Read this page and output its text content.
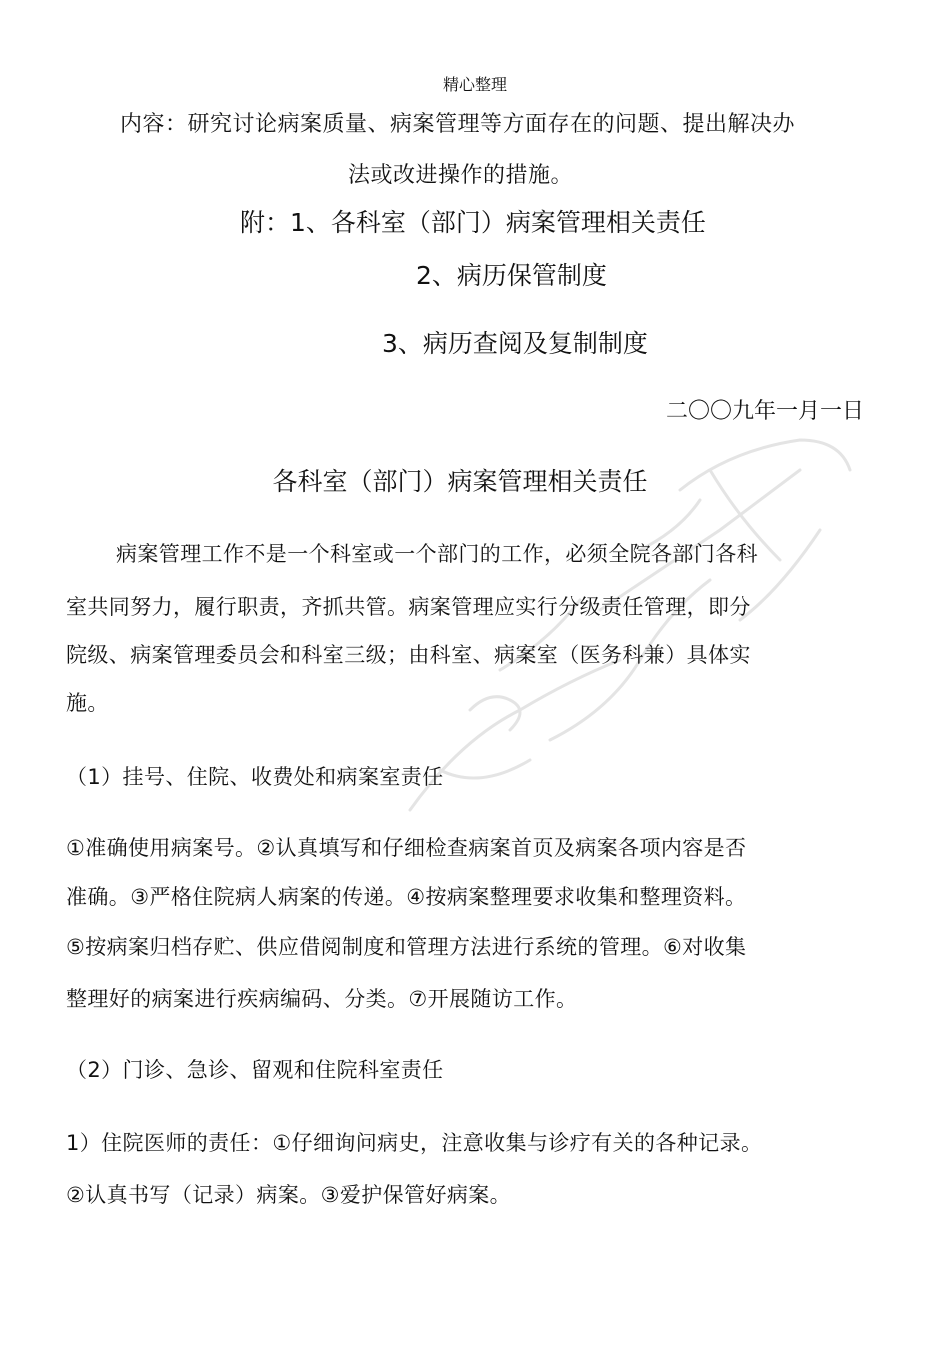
精心整理
内容：研究讨论病案质量、病案管理等方面存在的问题、提出解决办
法或改进操作的措施。
附： 1、各科室（部门）病案管理相关责任
2、病历保管制度
3、病历查阅及复制制度
二〇〇九年一月一日
各科室（部门）病案管理相关责任
病案管理工作不是一个科室或一个部门的工作，必须全院各部门各科
室共同努力，履行职责，齐抓共管。病案管理应实行分级责任管理，即分
院级、病案管理委员会和科室三级；由科室、病案室（医务科兼）具体实
施。
（1）挂号、住院、收费处和病案室责任
①准确使用病案号。②认真填写和仔细检查病案首页及病案各项内容是否
准确。③严格住院病人病案的传递。④按病案整理要求收集和整理资料。
⑤按病案归档存贮、供应借阅制度和管理方法进行系统的管理。⑥对收集
整理好的病案进行疾病编码、分类。⑦开展随访工作。
（2）门诊、急诊、留观和住院科室责任
1）住院医师的责任：①仔细询问病史，注意收集与诊疗有关的各种记录。
②认真书写（记录）病案。③爱护保管好病案。
